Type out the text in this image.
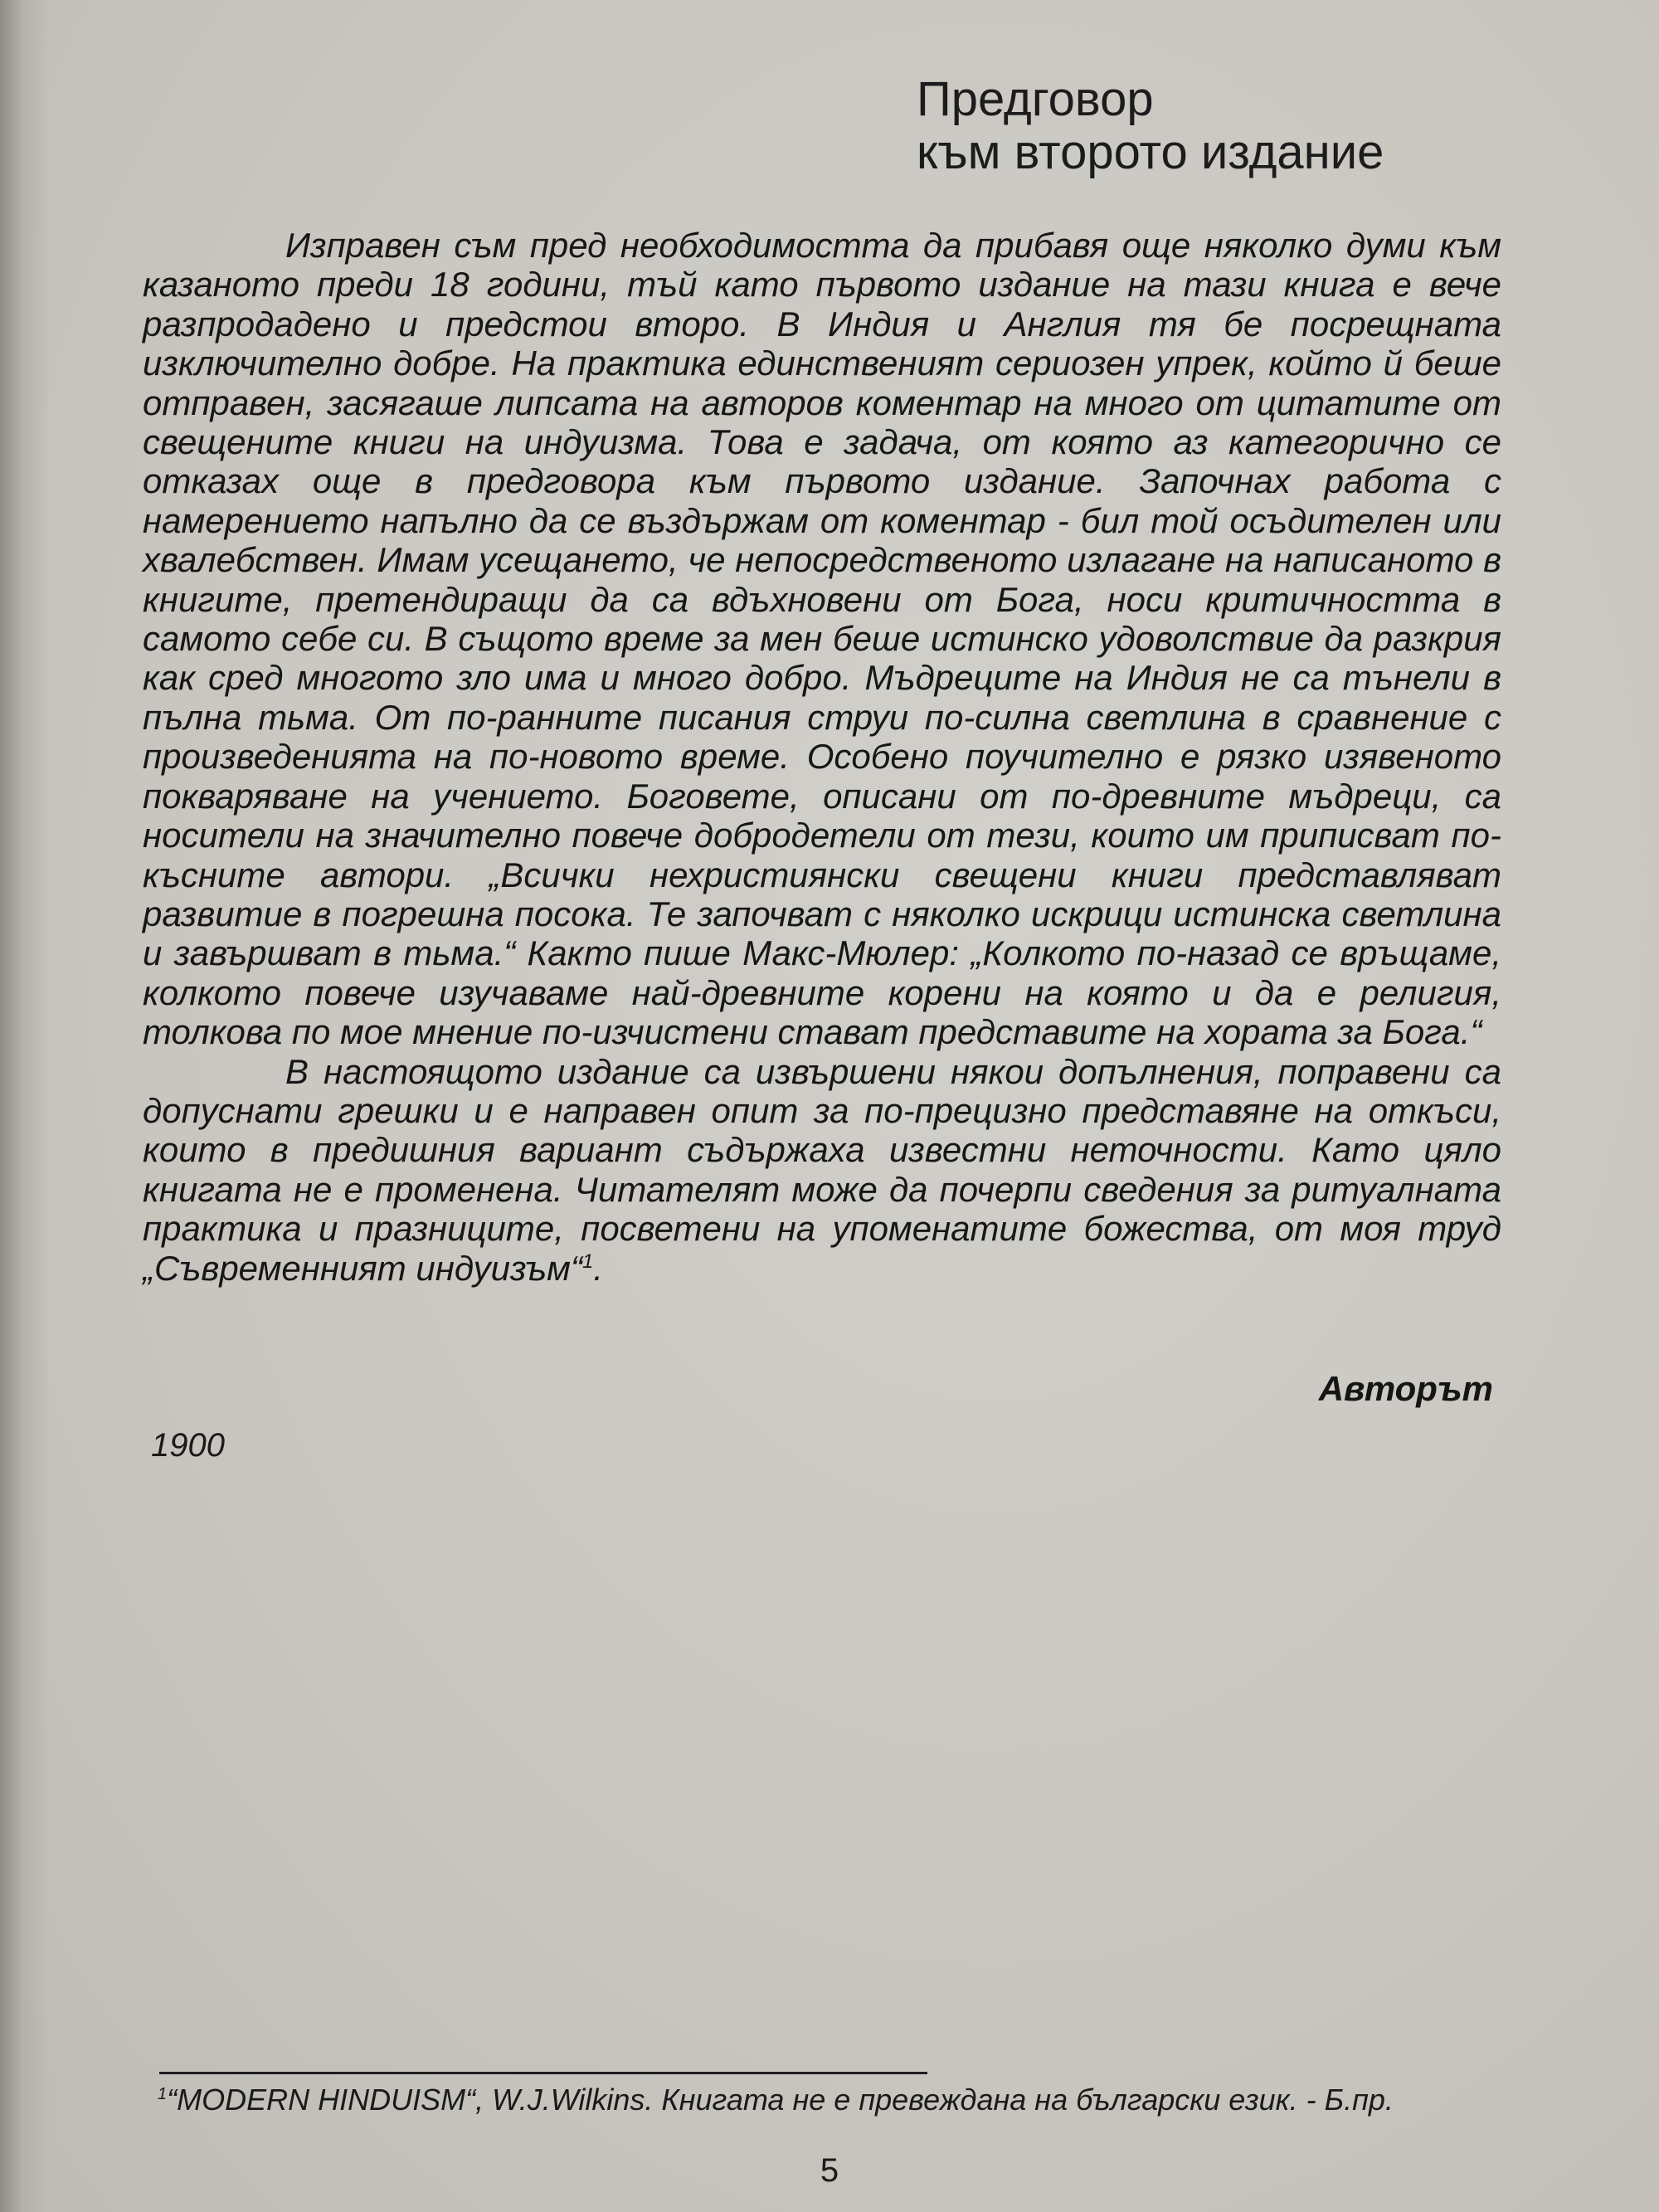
Предговор
към второто издание

Изправен съм пред необходимостта да прибавя още няколко думи към казаното преди 18 години, тъй като първото издание на тази книга е вече разпродадено и предстои второ. В Индия и Англия тя бе посрещната изключително добре. На практика единственият сериозен упрек, който й беше отправен, засягаше липсата на авторов коментар на много от цитатите от свещените книги на индуизма. Това е задача, от която аз категорично се отказах още в предговора към първото издание. Започнах работа с намерението напълно да се въздържам от коментар - бил той осъдителен или хвалебствен. Имам усещането, че непосредственото излагане на написаното в книгите, претендиращи да са вдъхновени от Бога, носи критичността в самото себе си. В същото време за мен беше истинско удоволствие да разкрия как сред многото зло има и много добро. Мъдреците на Индия не са тънели в пълна тьма. От по-ранните писания струи по-силна светлина в сравнение с произведенията на по-новото време. Особено поучително е рязко изявеното покваряване на учението. Боговете, описани от по-древните мъдреци, са носители на значително повече добродетели от тези, които им приписват по-късните автори. „Всички нехристиянски свещени книги представляват развитие в погрешна посока. Те започват с няколко искрици истинска светлина и завършват в тьма.“ Както пише Макс-Мюлер: „Колкото по-назад се връщаме, колкото повече изучаваме най-древните корени на която и да е религия, толкова по мое мнение по-изчистени стават представите на хората за Бога.“

В настоящото издание са извършени някои допълнения, поправени са допуснати грешки и е направен опит за по-прецизно представяне на откъси, които в предишния вариант съдържаха известни неточности. Като цяло книгата не е променена. Читателят може да почерпи сведения за ритуалната практика и празниците, посветени на упоменатите божества, от моя труд „Съвременният индуизъм“$^1$.

Авторът
1900
$^1$“MODERN HINDUISM“, W.J.Wilkins. Книгата не е превеждана на български език. - Б.пр.
5
